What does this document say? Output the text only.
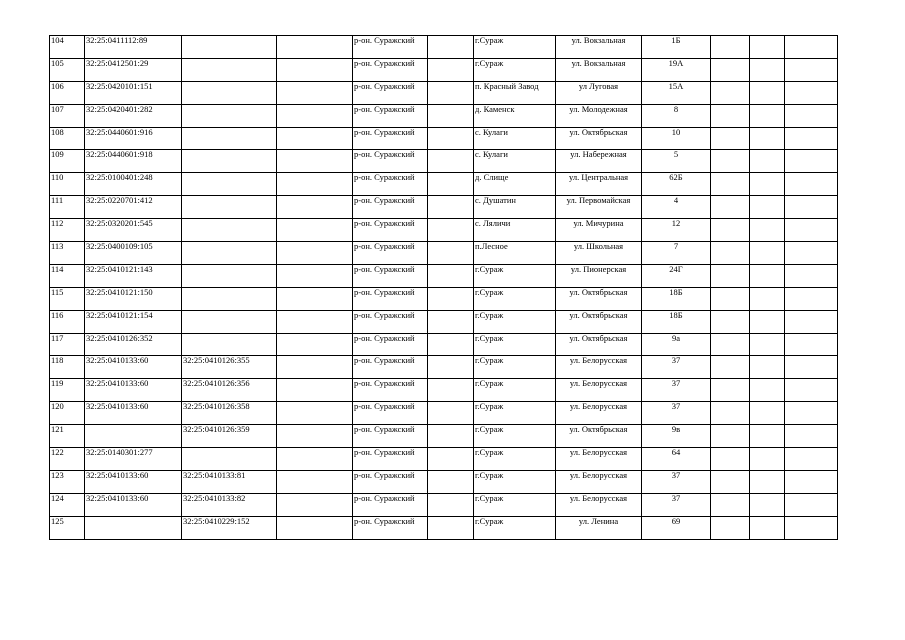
104	32:25:0411112:89			р-он. Суражский		г.Сураж	ул. Вокзальная	1Б			
105	32:25:0412501:29			р-он. Суражский		г.Сураж	ул. Вокзальная	19А			
106	32:25:0420101:151			р-он. Суражский		п. Красный Завод	ул Луговая	15А			
107	32:25:0420401:282			р-он. Суражский		д. Каменск	ул. Молодежная	8			
108	32:25:0440601:916			р-он. Суражский		с. Кулаги	ул. Октябрьская	10			
109	32:25:0440601:918			р-он. Суражский		с. Кулаги	ул. Набережная	5			
110	32:25:0100401:248			р-он. Суражский		д. Слище	ул. Центральная	62Б			
111	32:25:0220701:412			р-он. Суражский		с. Душатин	ул. Первомайская	4			
112	32:25:0320201:545			р-он. Суражский		с. Ляличи	ул. Мичурина	12			
113	32:25:0400109:105			р-он. Суражский		п.Лесное	ул. Школьная	7			
114	32:25:0410121:143			р-он. Суражский		г.Сураж	ул. Пионерская	24Г			
115	32:25:0410121:150			р-он. Суражский		г.Сураж	ул. Октябрьская	18Б			
116	32:25:0410121:154			р-он. Суражский		г.Сураж	ул. Октябрьская	18Б			
117	32:25:0410126:352			р-он. Суражский		г.Сураж	ул. Октябрьская	9а			
118	32:25:0410133:60	32:25:0410126:355		р-он. Суражский		г.Сураж	ул. Белорусская	37			
119	32:25:0410133:60	32:25:0410126:356		р-он. Суражский		г.Сураж	ул. Белорусская	37			
120	32:25:0410133:60	32:25:0410126:358		р-он. Суражский		г.Сураж	ул. Белорусская	37			
121		32:25:0410126:359		р-он. Суражский		г.Сураж	ул. Октябрьская	9в			
122	32:25:0140301:277			р-он. Суражский		г.Сураж	ул. Белорусская	64			
123	32:25:0410133:60	32:25:0410133:81		р-он. Суражский		г.Сураж	ул. Белорусская	37			
124	32:25:0410133:60	32:25:0410133:82		р-он. Суражский		г.Сураж	ул. Белорусская	37			
125		32:25:0410229:152		р-он. Суражский		г.Сураж	ул. Ленина	69			
